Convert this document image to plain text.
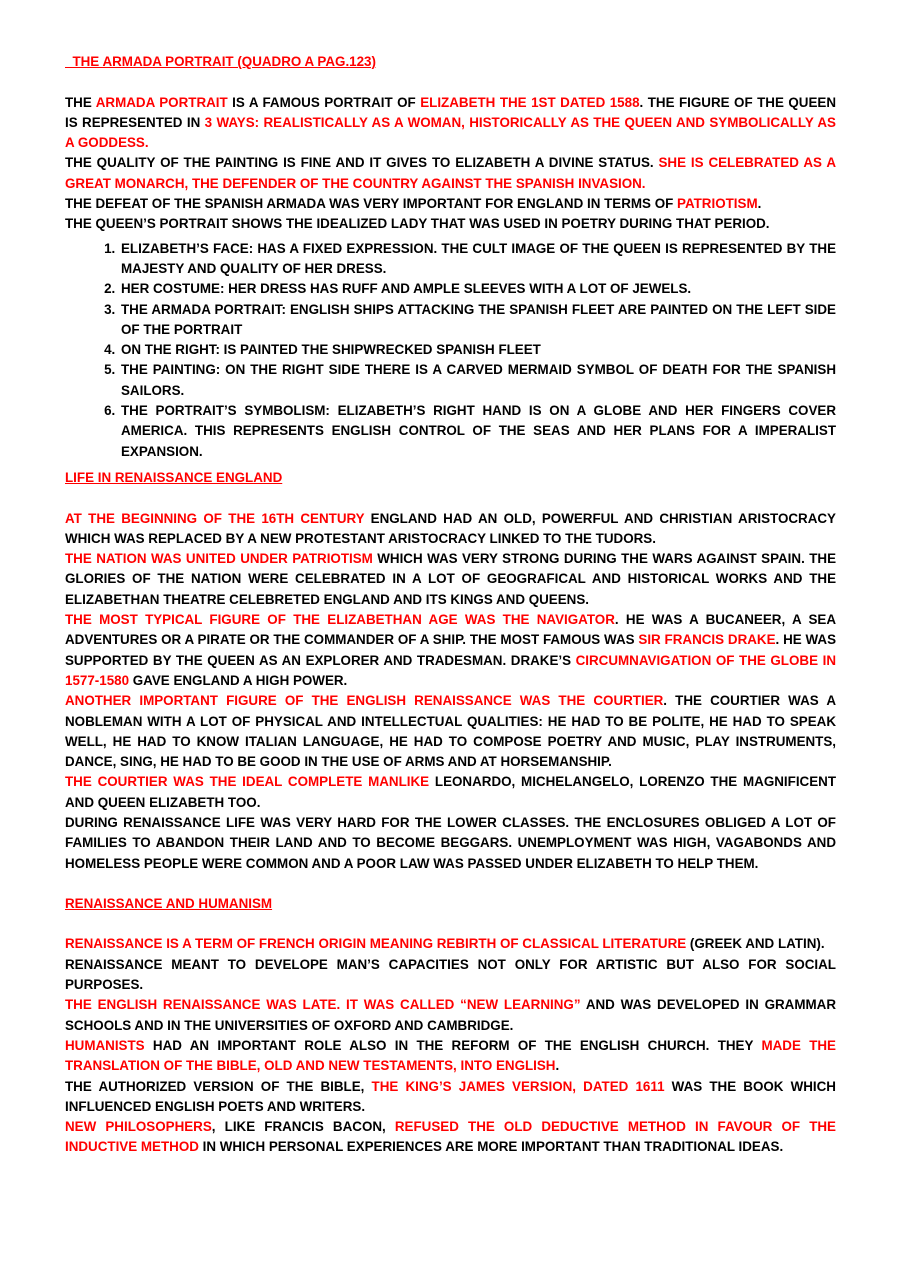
THE ARMADA PORTRAIT (QUADRO A PAG.123)

THE ARMADA PORTRAIT IS A FAMOUS PORTRAIT OF ELIZABETH THE 1ST DATED 1588. THE FIGURE OF THE QUEEN IS REPRESENTED IN 3 WAYS: REALISTICALLY AS A WOMAN, HISTORICALLY AS THE QUEEN AND SYMBOLICALLY AS A GODDESS.

THE QUALITY OF THE PAINTING IS FINE AND IT GIVES TO ELIZABETH A DIVINE STATUS. SHE IS CELEBRATED AS A GREAT MONARCH, THE DEFENDER OF THE COUNTRY AGAINST THE SPANISH INVASION.

THE DEFEAT OF THE SPANISH ARMADA WAS VERY IMPORTANT FOR ENGLAND IN TERMS OF PATRIOTISM.

THE QUEEN’S PORTRAIT SHOWS THE IDEALIZED LADY THAT WAS USED IN POETRY DURING THAT PERIOD.

1. ELIZABETH’S FACE: HAS A FIXED EXPRESSION. THE CULT IMAGE OF THE QUEEN IS REPRESENTED BY THE MAJESTY AND QUALITY OF HER DRESS.
2. HER COSTUME: HER DRESS HAS RUFF AND AMPLE SLEEVES WITH A LOT OF JEWELS.
3. THE ARMADA PORTRAIT: ENGLISH SHIPS ATTACKING THE SPANISH FLEET ARE PAINTED ON THE LEFT SIDE OF THE PORTRAIT
4. ON THE RIGHT: IS PAINTED THE SHIPWRECKED SPANISH FLEET
5. THE PAINTING: ON THE RIGHT SIDE THERE IS A CARVED MERMAID SYMBOL OF DEATH FOR THE SPANISH SAILORS.
6. THE PORTRAIT’S SYMBOLISM: ELIZABETH’S RIGHT HAND IS ON A GLOBE AND HER FINGERS COVER AMERICA. THIS REPRESENTS ENGLISH CONTROL OF THE SEAS AND HER PLANS FOR A IMPERALIST EXPANSION.
LIFE IN RENAISSANCE ENGLAND

AT THE BEGINNING OF THE 16TH CENTURY ENGLAND HAD AN OLD, POWERFUL AND CHRISTIAN ARISTOCRACY WHICH WAS REPLACED BY A NEW PROTESTANT ARISTOCRACY LINKED TO THE TUDORS.

THE NATION WAS UNITED UNDER PATRIOTISM WHICH WAS VERY STRONG DURING THE WARS AGAINST SPAIN. THE GLORIES OF THE NATION WERE CELEBRATED IN A LOT OF GEOGRAFICAL AND HISTORICAL WORKS AND THE ELIZABETHAN THEATRE CELEBRETED ENGLAND AND ITS KINGS AND QUEENS.

THE MOST TYPICAL FIGURE OF THE ELIZABETHAN AGE WAS THE NAVIGATOR. HE WAS A BUCANEER, A SEA ADVENTURES OR A PIRATE OR THE COMMANDER OF A SHIP. THE MOST FAMOUS WAS SIR FRANCIS DRAKE. HE WAS SUPPORTED BY THE QUEEN AS AN EXPLORER AND TRADESMAN. DRAKE’S CIRCUMNAVIGATION OF THE GLOBE IN 1577-1580 GAVE ENGLAND A HIGH POWER.

ANOTHER IMPORTANT FIGURE OF THE ENGLISH RENAISSANCE WAS THE COURTIER. THE COURTIER WAS A NOBLEMAN WITH A LOT OF PHYSICAL AND INTELLECTUAL QUALITIES: HE HAD TO BE POLITE, HE HAD TO SPEAK WELL, HE HAD TO KNOW ITALIAN LANGUAGE, HE HAD TO COMPOSE POETRY AND MUSIC, PLAY INSTRUMENTS, DANCE, SING, HE HAD TO BE GOOD IN THE USE OF ARMS AND AT HORSEMANSHIP.

THE COURTIER WAS THE IDEAL COMPLETE MANLIKE LEONARDO, MICHELANGELO, LORENZO THE MAGNIFICENT AND QUEEN ELIZABETH TOO.

DURING RENAISSANCE LIFE WAS VERY HARD FOR THE LOWER CLASSES. THE ENCLOSURES OBLIGED A LOT OF FAMILIES TO ABANDON THEIR LAND AND TO BECOME BEGGARS. UNEMPLOYMENT WAS HIGH, VAGABONDS AND HOMELESS PEOPLE WERE COMMON AND A POOR LAW WAS PASSED UNDER ELIZABETH TO HELP THEM.

RENAISSANCE AND HUMANISM

RENAISSANCE IS A TERM OF FRENCH ORIGIN MEANING REBIRTH OF CLASSICAL LITERATURE (GREEK AND LATIN).

RENAISSANCE MEANT TO DEVELOPE MAN’S CAPACITIES NOT ONLY FOR ARTISTIC BUT ALSO FOR SOCIAL PURPOSES.

THE ENGLISH RENAISSANCE WAS LATE. IT WAS CALLED “NEW LEARNING” AND WAS DEVELOPED IN GRAMMAR SCHOOLS AND IN THE UNIVERSITIES OF OXFORD AND CAMBRIDGE.

HUMANISTS HAD AN IMPORTANT ROLE ALSO IN THE REFORM OF THE ENGLISH CHURCH. THEY MADE THE TRANSLATION OF THE BIBLE, OLD AND NEW TESTAMENTS, INTO ENGLISH.

THE AUTHORIZED VERSION OF THE BIBLE, THE KING’S JAMES VERSION, DATED 1611 WAS THE BOOK WHICH INFLUENCED ENGLISH POETS AND WRITERS.

NEW PHILOSOPHERS, LIKE FRANCIS BACON, REFUSED THE OLD DEDUCTIVE METHOD IN FAVOUR OF THE INDUCTIVE METHOD IN WHICH PERSONAL EXPERIENCES ARE MORE IMPORTANT THAN TRADITIONAL IDEAS.
